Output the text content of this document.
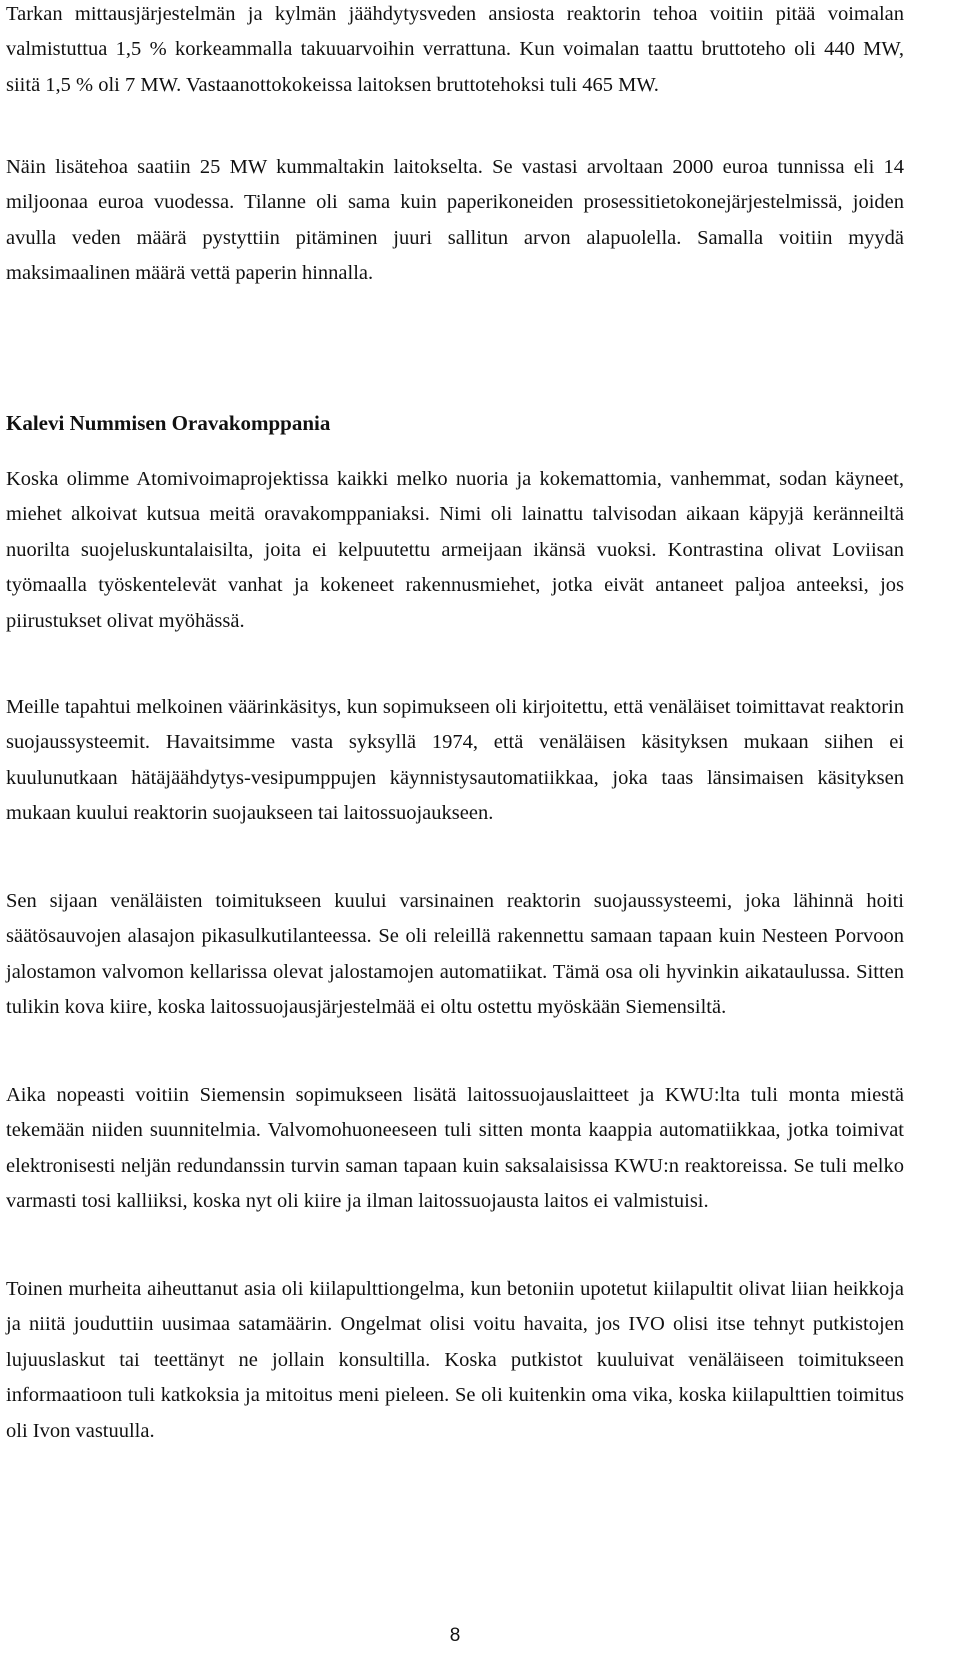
Tarkan mittausjärjestelmän ja kylmän jäähdytysveden ansiosta reaktorin tehoa voitiin pitää voimalan valmistuttua 1,5 % korkeammalla takuuarvoihin verrattuna. Kun voimalan taattu bruttoteho oli 440 MW, siitä 1,5 % oli 7 MW. Vastaanottokokeissa laitoksen bruttotehoksi tuli 465 MW.

Näin lisätehoa saatiin 25 MW kummaltakin laitokselta. Se vastasi arvoltaan 2000 euroa tunnissa eli 14 miljoonaa euroa vuodessa. Tilanne oli sama kuin paperikoneiden prosessitietokonejärjestelmissä, joiden avulla veden määrä pystyttiin pitäminen juuri sallitun arvon alapuolella. Samalla voitiin myydä maksimaalinen määrä vettä paperin hinnalla.

Kalevi Nummisen Oravakomppania

Koska olimme Atomivoimaprojektissa kaikki melko nuoria ja kokemattomia, vanhemmat, sodan käyneet, miehet alkoivat kutsua meitä oravakomppaniaksi. Nimi oli lainattu talvisodan aikaan käpyjä keränneiltä nuorilta suojeluskuntalaisilta, joita ei kelpuutettu armeijaan ikänsä vuoksi. Kontrastina olivat Loviisan työmaalla työskentelevät vanhat ja kokeneet rakennusmiehet, jotka eivät antaneet paljoa anteeksi, jos piirustukset olivat myöhässä.

Meille tapahtui melkoinen väärinkäsitys, kun sopimukseen oli kirjoitettu, että venäläiset toimittavat reaktorin suojaussysteemit. Havaitsimme vasta syksyllä 1974, että venäläisen käsityksen mukaan siihen ei kuulunutkaan hätäjäähdytys-vesipumppujen käynnistysautomatiikkaa, joka taas länsimaisen käsityksen mukaan kuului reaktorin suojaukseen tai laitossuojaukseen.

Sen sijaan venäläisten toimitukseen kuului varsinainen reaktorin suojaussysteemi, joka lähinnä hoiti säätösauvojen alasajon pikasulkutilanteessa. Se oli releillä rakennettu samaan tapaan kuin Nesteen Porvoon jalostamon valvomon kellarissa olevat jalostamojen automatiikat. Tämä osa oli hyvinkin aikataulussa. Sitten tulikin kova kiire, koska laitossuojausjärjestelmää ei oltu ostettu myöskään Siemensiltä.

Aika nopeasti voitiin Siemensin sopimukseen lisätä laitossuojauslaitteet ja KWU:lta tuli monta miestä tekemään niiden suunnitelmia. Valvomohuoneeseen tuli sitten monta kaappia automatiikkaa, jotka toimivat elektronisesti neljän redundanssin turvin saman tapaan kuin saksalaisissa KWU:n reaktoreissa. Se tuli melko varmasti tosi kalliiksi, koska nyt oli kiire ja ilman laitossuojausta laitos ei valmistuisi.

Toinen murheita aiheuttanut asia oli kiilapulttiongelma, kun betoniin upotetut kiilapultit olivat liian heikkoja ja niitä jouduttiin uusimaa satamäärin. Ongelmat olisi voitu havaita, jos IVO olisi itse tehnyt putkistojen lujuuslaskut tai teettänyt ne jollain konsultilla. Koska putkistot kuuluivat venäläiseen toimitukseen informaatioon tuli katkoksia ja mitoitus meni pieleen. Se oli kuitenkin oma vika, koska kiilapulttien toimitus oli Ivon vastuulla.

8
